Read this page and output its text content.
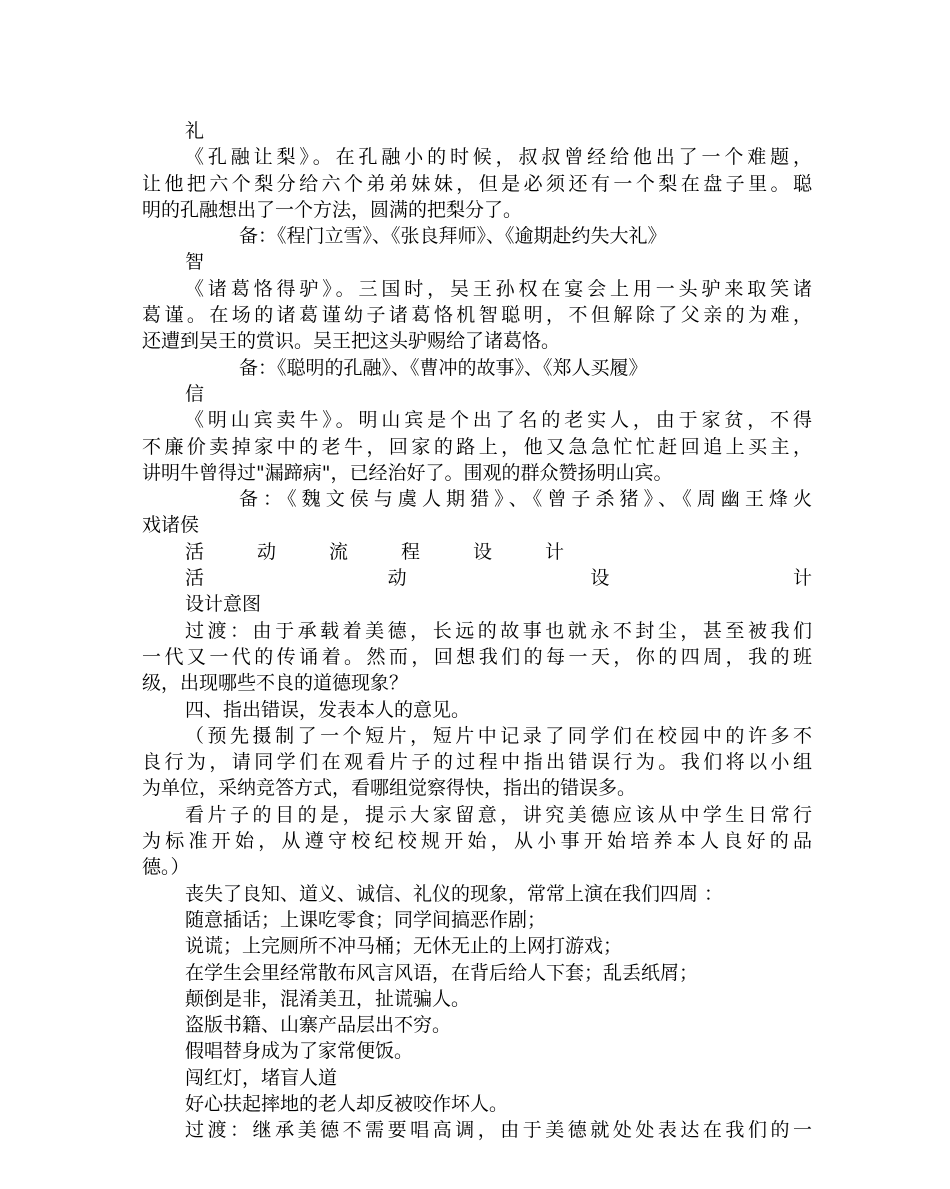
礼
《孔融让梨》。在孔融小的时候，叔叔曾经给他出了一个难题，
让他把六个梨分给六个弟弟妹妹，但是必须还有一个梨在盘子里。聪
明的孔融想出了一个方法，圆满的把梨分了。
备：《程门立雪》、《张良拜师》、《逾期赴约失大礼》
智
《诸葛恪得驴》。三国时，吴王孙权在宴会上用一头驴来取笑诸
葛谨。在场的诸葛谨幼子诸葛恪机智聪明，不但解除了父亲的为难，
还遭到吴王的赏识。吴王把这头驴赐给了诸葛恪。
备：《聪明的孔融》、《曹冲的故事》、《郑人买履》
信
《明山宾卖牛》。明山宾是个出了名的老实人，由于家贫，不得
不廉价卖掉家中的老牛，回家的路上，他又急急忙忙赶回追上买主，
讲明牛曾得过"漏蹄病"，已经治好了。围观的群众赞扬明山宾。
备：《魏文侯与虞人期猎》、《曾子杀猪》、《周幽王烽火
戏诸侯
活	动	流	程	设	计
活	动	设	计
设计意图
过渡：由于承载着美德，长远的故事也就永不封尘，甚至被我们
一代又一代的传诵着。然而，回想我们的每一天，你的四周，我的班
级，出现哪些不良的道德现象？
四、指出错误，发表本人的意见。
（预先摄制了一个短片，短片中记录了同学们在校园中的许多不
良行为，请同学们在观看片子的过程中指出错误行为。我们将以小组
为单位，采纳竞答方式，看哪组觉察得快，指出的错误多。
看片子的目的是，提示大家留意，讲究美德应该从中学生日常行
为标准开始，从遵守校纪校规开始，从小事开始培养本人良好的品
德。）
丧失了良知、道义、诚信、礼仪的现象，常常上演在我们四周 ：
随意插话；上课吃零食；同学间搞恶作剧；
说谎；上完厕所不冲马桶；无休无止的上网打游戏；
在学生会里经常散布风言风语，在背后给人下套；乱丢纸屑；
颠倒是非，混淆美丑，扯谎骗人。
盗版书籍、山寨产品层出不穷。
假唱替身成为了家常便饭。
闯红灯，堵盲人道
好心扶起摔地的老人却反被咬作坏人。
过渡：继承美德不需要唱高调，由于美德就处处表达在我们的一
